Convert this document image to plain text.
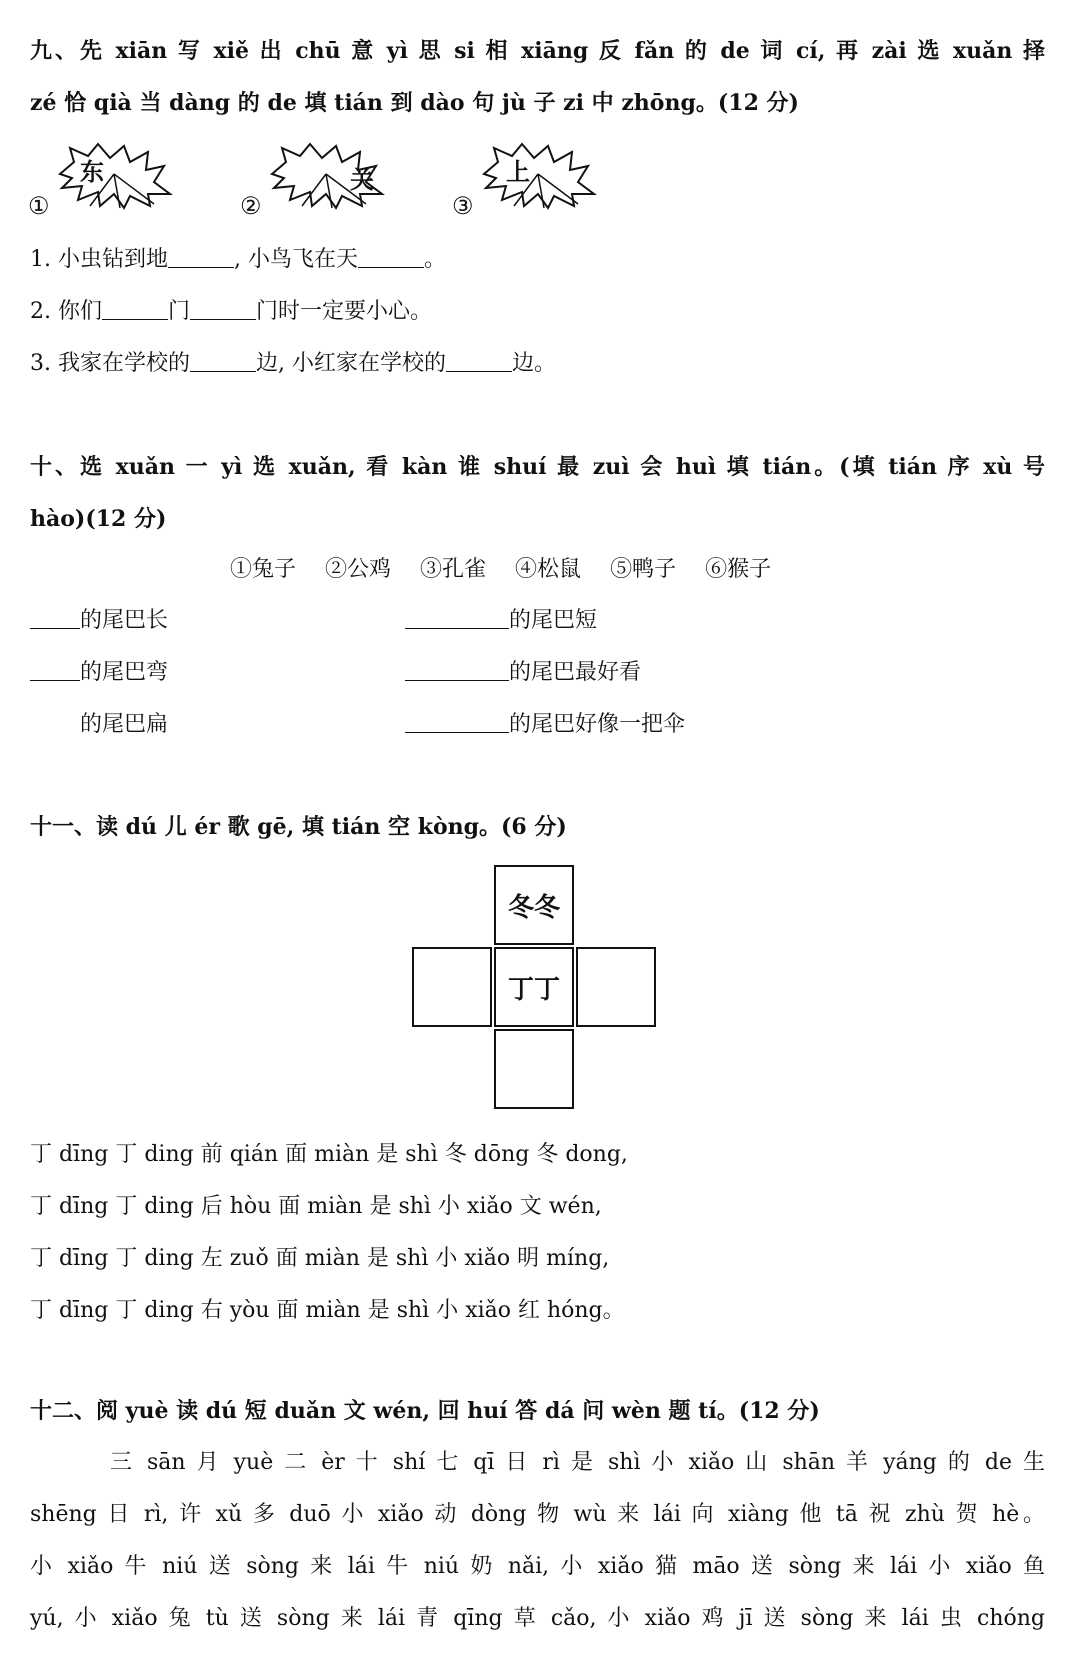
九、先 xiān 写 xiě 出 chū 意 yì 思 si 相 xiāng 反 fǎn 的 de 词 cí, 再 zài 选 xuǎn 择
zé 恰 qià 当 dàng 的 de 填 tián 到 dào 句 jù 子 zi 中 zhōng。(12 分)
①
东
②
关
③
上
1. 小虫钻到地	, 小鸟飞在天	。
2. 你们	门	门时一定要小心。
3. 我家在学校的	边, 小红家在学校的	边。
十、选 xuǎn 一 yì 选 xuǎn, 看 kàn 谁 shuí 最 zuì 会 huì 填 tián。(填 tián 序 xù 号
hào)(12 分)
①兔子 ②公鸡 ③孔雀 ④松鼠 ⑤鸭子 ⑥猴子
的尾巴长
的尾巴弯
的尾巴扁
的尾巴短
的尾巴最好看
的尾巴好像一把伞
十一、读 dú 儿 ér 歌 gē, 填 tián 空 kòng。(6 分)
冬冬
丁丁
丁 dīng 丁 ding 前 qián 面 miàn 是 shì 冬 dōng 冬 dong,
丁 dīng 丁 ding 后 hòu 面 miàn 是 shì 小 xiǎo 文 wén,
丁 dīng 丁 ding 左 zuǒ 面 miàn 是 shì 小 xiǎo 明 míng,
丁 dīng 丁 ding 右 yòu 面 miàn 是 shì 小 xiǎo 红 hóng。
十二、阅 yuè 读 dú 短 duǎn 文 wén, 回 huí 答 dá 问 wèn 题 tí。(12 分)
三 sān 月 yuè 二 èr 十 shí 七 qī 日 rì 是 shì 小 xiǎo 山 shān 羊 yáng 的 de 生
shēng 日 rì, 许 xǔ 多 duō 小 xiǎo 动 dòng 物 wù 来 lái 向 xiàng 他 tā 祝 zhù 贺 hè。
小 xiǎo 牛 niú 送 sòng 来 lái 牛 niú 奶 nǎi, 小 xiǎo 猫 māo 送 sòng 来 lái 小 xiǎo 鱼
yú, 小 xiǎo 兔 tù 送 sòng 来 lái 青 qīng 草 cǎo, 小 xiǎo 鸡 jī 送 sòng 来 lái 虫 chóng
